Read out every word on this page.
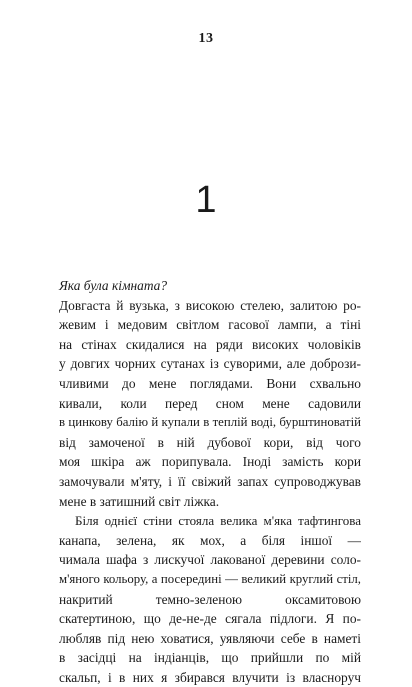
13
1
Яка була кімната?
Довгаста й вузька, з високою стелею, залитою ро-
жевим і медовим світлом гасової лампи, а тіні
на стінах скидалися на ряди високих чоловіків
у довгих чорних сутанах із суворими, але добрози-
чливими до мене поглядами. Вони схвально
кивали, коли перед сном мене садовили
в цинкову балію й купали в теплій воді, бурштиноватій
від замоченої в ній дубової кори, від чого
моя шкіра аж порипувала. Іноді замість кори
замочували м'яту, і її свіжий запах супроводжував
мене в затишний світ ліжка.
Біля однієї стіни стояла велика м'яка тафтингова
канапа, зелена, як мох, а біля іншої —
чимала шафа з лискучої лакованої деревини соло-
м'яного кольору, а посередині — великий круглий стіл,
накритий темно-зеленою оксамитовою
скатертиною, що де-не-де сягала підлоги. Я по-
любляв під нею ховатися, уявляючи себе в наметі
в засідці на індіанців, що прийшли по мій
скальп, і в них я збирався влучити із власноруч
